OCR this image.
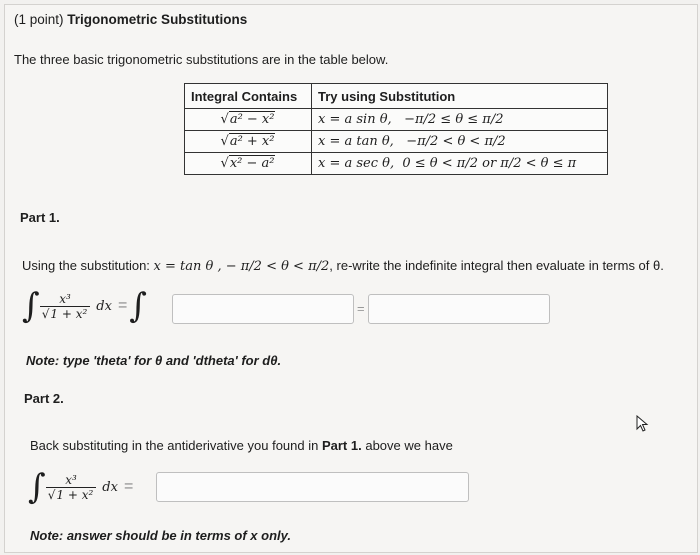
(1 point) Trigonometric Substitutions
The three basic trigonometric substitutions are in the table below.
Integral Contains	Try using Substitution
√a² − x²	x = a sin θ, −π/2 ≤ θ ≤ π/2
√a² + x²	x = a tan θ, −π/2 < θ < π/2
√x² − a²	x = a sec θ, 0 ≤ θ < π/2 or π/2 < θ ≤ π
Part 1.
Using the substitution: x = tan θ , − π/2 < θ < π/2, re-write the indefinite integral then evaluate in terms of θ.
∫ $\frac{\text{x³}}{\text{√1 + x²}}$ dx = ∫	=
Note: type 'theta' for θ and 'dtheta' for dθ.
Part 2.
Back substituting in the antiderivative you found in Part 1. above we have
∫ $\frac{\text{x³}}{\text{√1 + x²}}$ dx =
Note: answer should be in terms of x only.
